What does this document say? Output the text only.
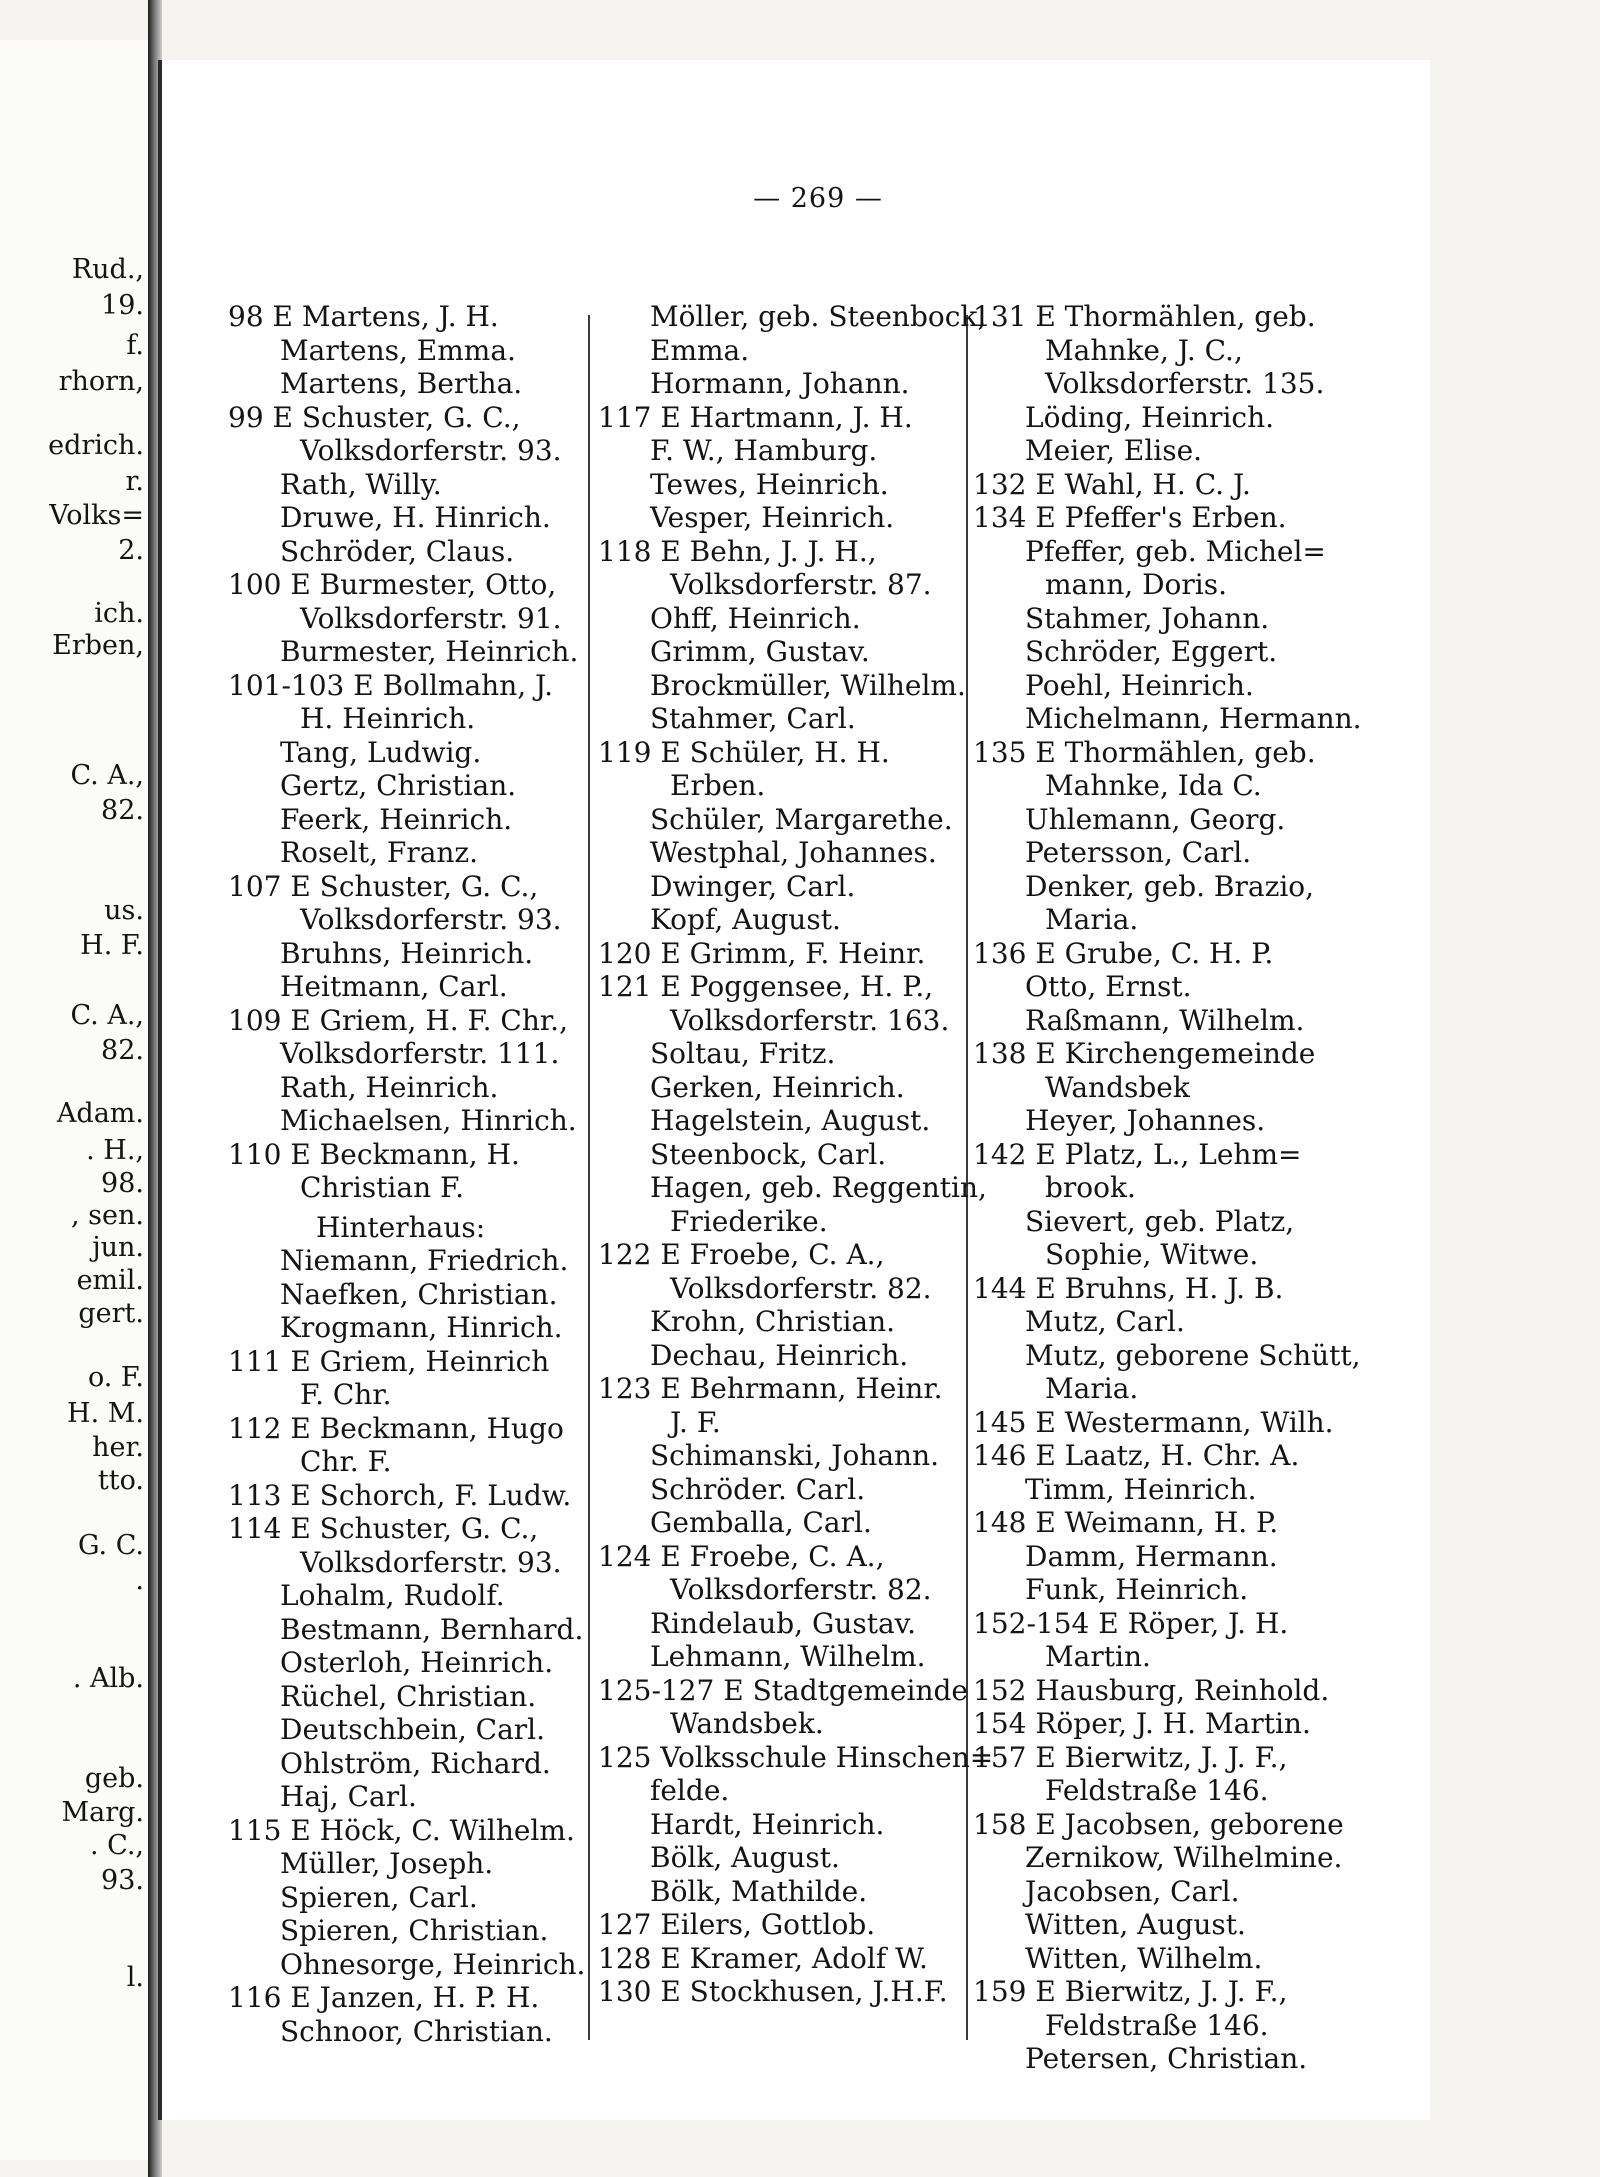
Rud.,
19.
f.
rhorn,
edrich.
r.
Volks=
2.
ich.
Erben,
C. A.,
82.
us.
H. F.
C. A.,
82.
Adam.
. H.,
98.
, sen.
jun.
emil.
gert.
o. F.
H. M.
her.
tto.
G. C.
.
. Alb.
geb.
Marg.
. C.,
93.
l.
— 269 —
98 E Martens, J. H.
Martens, Emma.
Martens, Bertha.
99 E Schuster, G. C.,
Volksdorferstr. 93.
Rath, Willy.
Druwe, H. Hinrich.
Schröder, Claus.
100 E Burmester, Otto,
Volksdorferstr. 91.
Burmester, Heinrich.
101-103 E Bollmahn, J.
H. Heinrich.
Tang, Ludwig.
Gertz, Christian.
Feerk, Heinrich.
Roselt, Franz.
107 E Schuster, G. C.,
Volksdorferstr. 93.
Bruhns, Heinrich.
Heitmann, Carl.
109 E Griem, H. F. Chr.,
Volksdorferstr. 111.
Rath, Heinrich.
Michaelsen, Hinrich.
110 E Beckmann, H.
Christian F.
Hinterhaus:
Niemann, Friedrich.
Naefken, Christian.
Krogmann, Hinrich.
111 E Griem, Heinrich
F. Chr.
112 E Beckmann, Hugo
Chr. F.
113 E Schorch, F. Ludw.
114 E Schuster, G. C.,
Volksdorferstr. 93.
Lohalm, Rudolf.
Bestmann, Bernhard.
Osterloh, Heinrich.
Rüchel, Christian.
Deutschbein, Carl.
Ohlström, Richard.
Haj, Carl.
115 E Höck, C. Wilhelm.
Müller, Joseph.
Spieren, Carl.
Spieren, Christian.
Ohnesorge, Heinrich.
116 E Janzen, H. P. H.
Schnoor, Christian.
Möller, geb. Steenbock,
Emma.
Hormann, Johann.
117 E Hartmann, J. H.
F. W., Hamburg.
Tewes, Heinrich.
Vesper, Heinrich.
118 E Behn, J. J. H.,
Volksdorferstr. 87.
Ohff, Heinrich.
Grimm, Gustav.
Brockmüller, Wilhelm.
Stahmer, Carl.
119 E Schüler, H. H.
Erben.
Schüler, Margarethe.
Westphal, Johannes.
Dwinger, Carl.
Kopf, August.
120 E Grimm, F. Heinr.
121 E Poggensee, H. P.,
Volksdorferstr. 163.
Soltau, Fritz.
Gerken, Heinrich.
Hagelstein, August.
Steenbock, Carl.
Hagen, geb. Reggentin,
Friederike.
122 E Froebe, C. A.,
Volksdorferstr. 82.
Krohn, Christian.
Dechau, Heinrich.
123 E Behrmann, Heinr.
J. F.
Schimanski, Johann.
Schröder. Carl.
Gemballa, Carl.
124 E Froebe, C. A.,
Volksdorferstr. 82.
Rindelaub, Gustav.
Lehmann, Wilhelm.
125-127 E Stadtgemeinde
Wandsbek.
125 Volksschule Hinschen=
felde.
Hardt, Heinrich.
Bölk, August.
Bölk, Mathilde.
127 Eilers, Gottlob.
128 E Kramer, Adolf W.
130 E Stockhusen, J.H.F.
131 E Thormählen, geb.
Mahnke, J. C.,
Volksdorferstr. 135.
Löding, Heinrich.
Meier, Elise.
132 E Wahl, H. C. J.
134 E Pfeffer's Erben.
Pfeffer, geb. Michel=
mann, Doris.
Stahmer, Johann.
Schröder, Eggert.
Poehl, Heinrich.
Michelmann, Hermann.
135 E Thormählen, geb.
Mahnke, Ida C.
Uhlemann, Georg.
Petersson, Carl.
Denker, geb. Brazio,
Maria.
136 E Grube, C. H. P.
Otto, Ernst.
Raßmann, Wilhelm.
138 E Kirchengemeinde
Wandsbek
Heyer, Johannes.
142 E Platz, L., Lehm=
brook.
Sievert, geb. Platz,
Sophie, Witwe.
144 E Bruhns, H. J. B.
Mutz, Carl.
Mutz, geborene Schütt,
Maria.
145 E Westermann, Wilh.
146 E Laatz, H. Chr. A.
Timm, Heinrich.
148 E Weimann, H. P.
Damm, Hermann.
Funk, Heinrich.
152-154 E Röper, J. H.
Martin.
152 Hausburg, Reinhold.
154 Röper, J. H. Martin.
157 E Bierwitz, J. J. F.,
Feldstraße 146.
158 E Jacobsen, geborene
Zernikow, Wilhelmine.
Jacobsen, Carl.
Witten, August.
Witten, Wilhelm.
159 E Bierwitz, J. J. F.,
Feldstraße 146.
Petersen, Christian.
